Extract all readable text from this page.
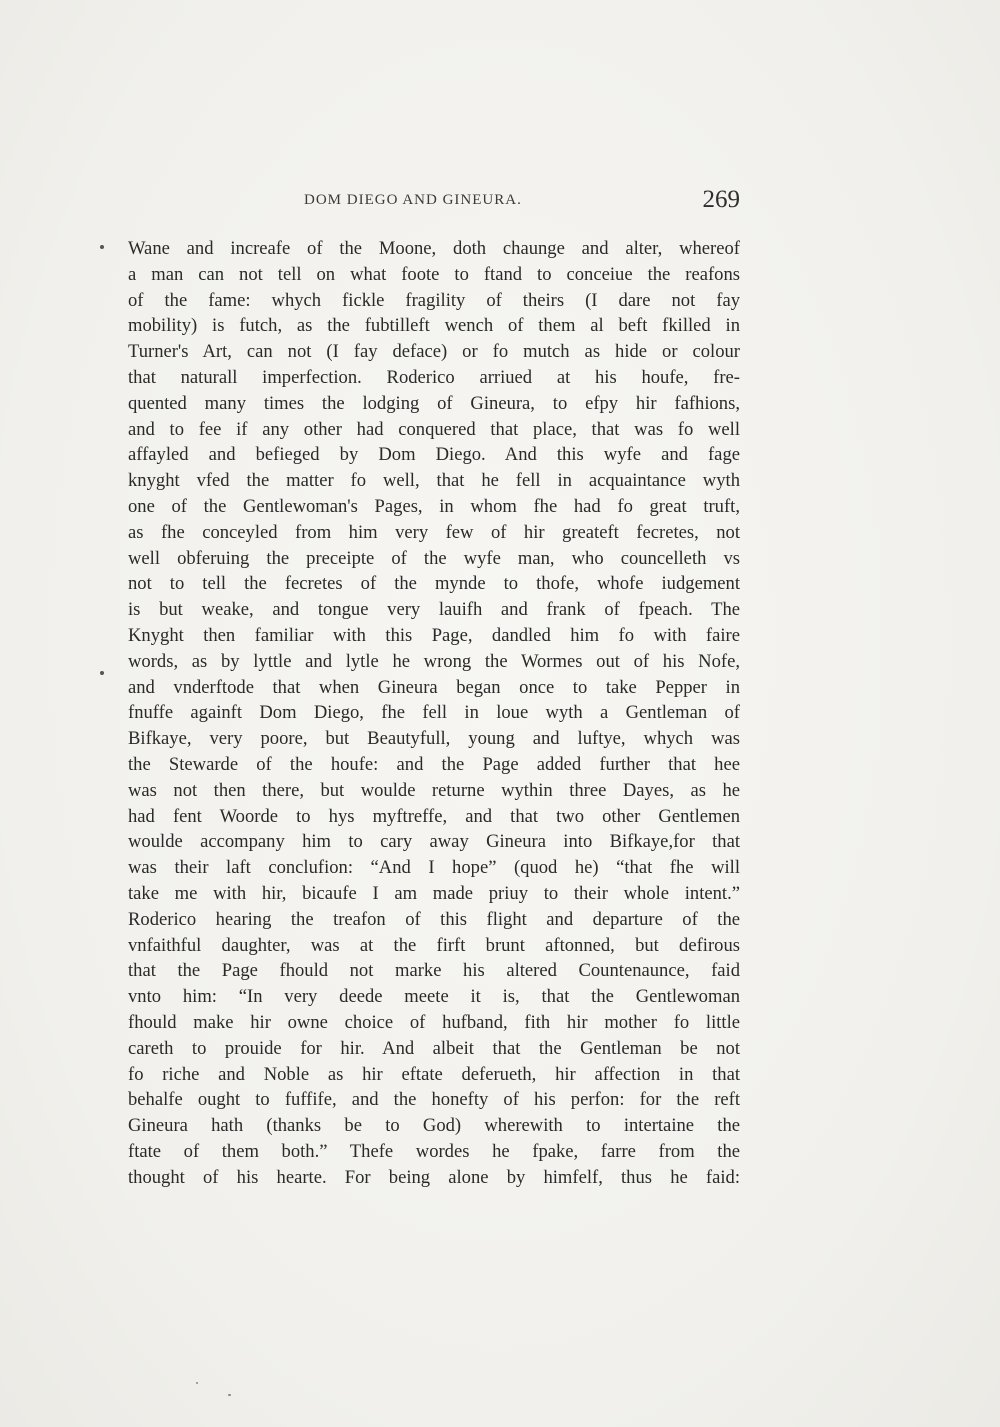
DOM DIEGO AND GINEURA.	269
Wane and increafe of the Moone, doth chaunge and alter, whereof
a man can not tell on what foote to ftand to conceiue the reafons
of the fame: whych fickle fragility of theirs (I dare not fay
mobility) is futch, as the fubtilleft wench of them al beft fkilled in
Turner's Art, can not (I fay deface) or fo mutch as hide or colour
that naturall imperfection. Roderico arriued at his houfe, fre-
quented many times the lodging of Gineura, to efpy hir fafhions,
and to fee if any other had conquered that place, that was fo well
affayled and befieged by Dom Diego. And this wyfe and fage
knyght vfed the matter fo well, that he fell in acquaintance wyth
one of the Gentlewoman's Pages, in whom fhe had fo great truft,
as fhe conceyled from him very few of hir greateft fecretes, not
well obferuing the preceipte of the wyfe man, who councelleth vs
not to tell the fecretes of the mynde to thofe, whofe iudgement
is but weake, and tongue very lauifh and frank of fpeach. The
Knyght then familiar with this Page, dandled him fo with faire
words, as by lyttle and lytle he wrong the Wormes out of his Nofe,
and vnderftode that when Gineura began once to take Pepper in
fnuffe againft Dom Diego, fhe fell in loue wyth a Gentleman of
Bifkaye, very poore, but Beautyfull, young and luftye, whych was
the Stewarde of the houfe: and the Page added further that hee
was not then there, but woulde returne wythin three Dayes, as he
had fent Woorde to hys myftreffe, and that two other Gentlemen
woulde accompany him to cary away Gineura into Bifkaye,for that
was their laft conclufion: “And I hope” (quod he) “that fhe will
take me with hir, bicaufe I am made priuy to their whole intent.”
Roderico hearing the treafon of this flight and departure of the
vnfaithful daughter, was at the firft brunt aftonned, but defirous
that the Page fhould not marke his altered Countenaunce, faid
vnto him: “In very deede meete it is, that the Gentlewoman
fhould make hir owne choice of hufband, fith hir mother fo little
careth to prouide for hir. And albeit that the Gentleman be not
fo riche and Noble as hir eftate deferueth, hir affection in that
behalfe ought to fuffife, and the honefty of his perfon: for the reft
Gineura hath (thanks be to God) wherewith to intertaine the
ftate of them both.” Thefe wordes he fpake, farre from the
thought of his hearte. For being alone by himfelf, thus he faid:
